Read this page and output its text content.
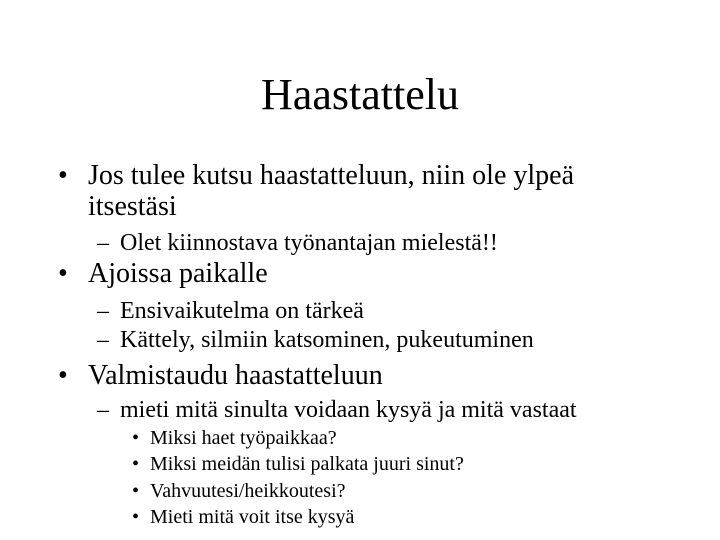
Haastattelu
• Jos tulee kutsu haastatteluun, niin ole ylpeä
itsestäsi
– Olet kiinnostava työnantajan mielestä!!
• Ajoissa paikalle
– Ensivaikutelma on tärkeä
– Kättely, silmiin katsominen, pukeutuminen
• Valmistaudu haastatteluun
– mieti mitä sinulta voidaan kysyä ja mitä vastaat
• Miksi haet työpaikkaa?
• Miksi meidän tulisi palkata juuri sinut?
• Vahvuutesi/heikkoutesi?
• Mieti mitä voit itse kysyä
